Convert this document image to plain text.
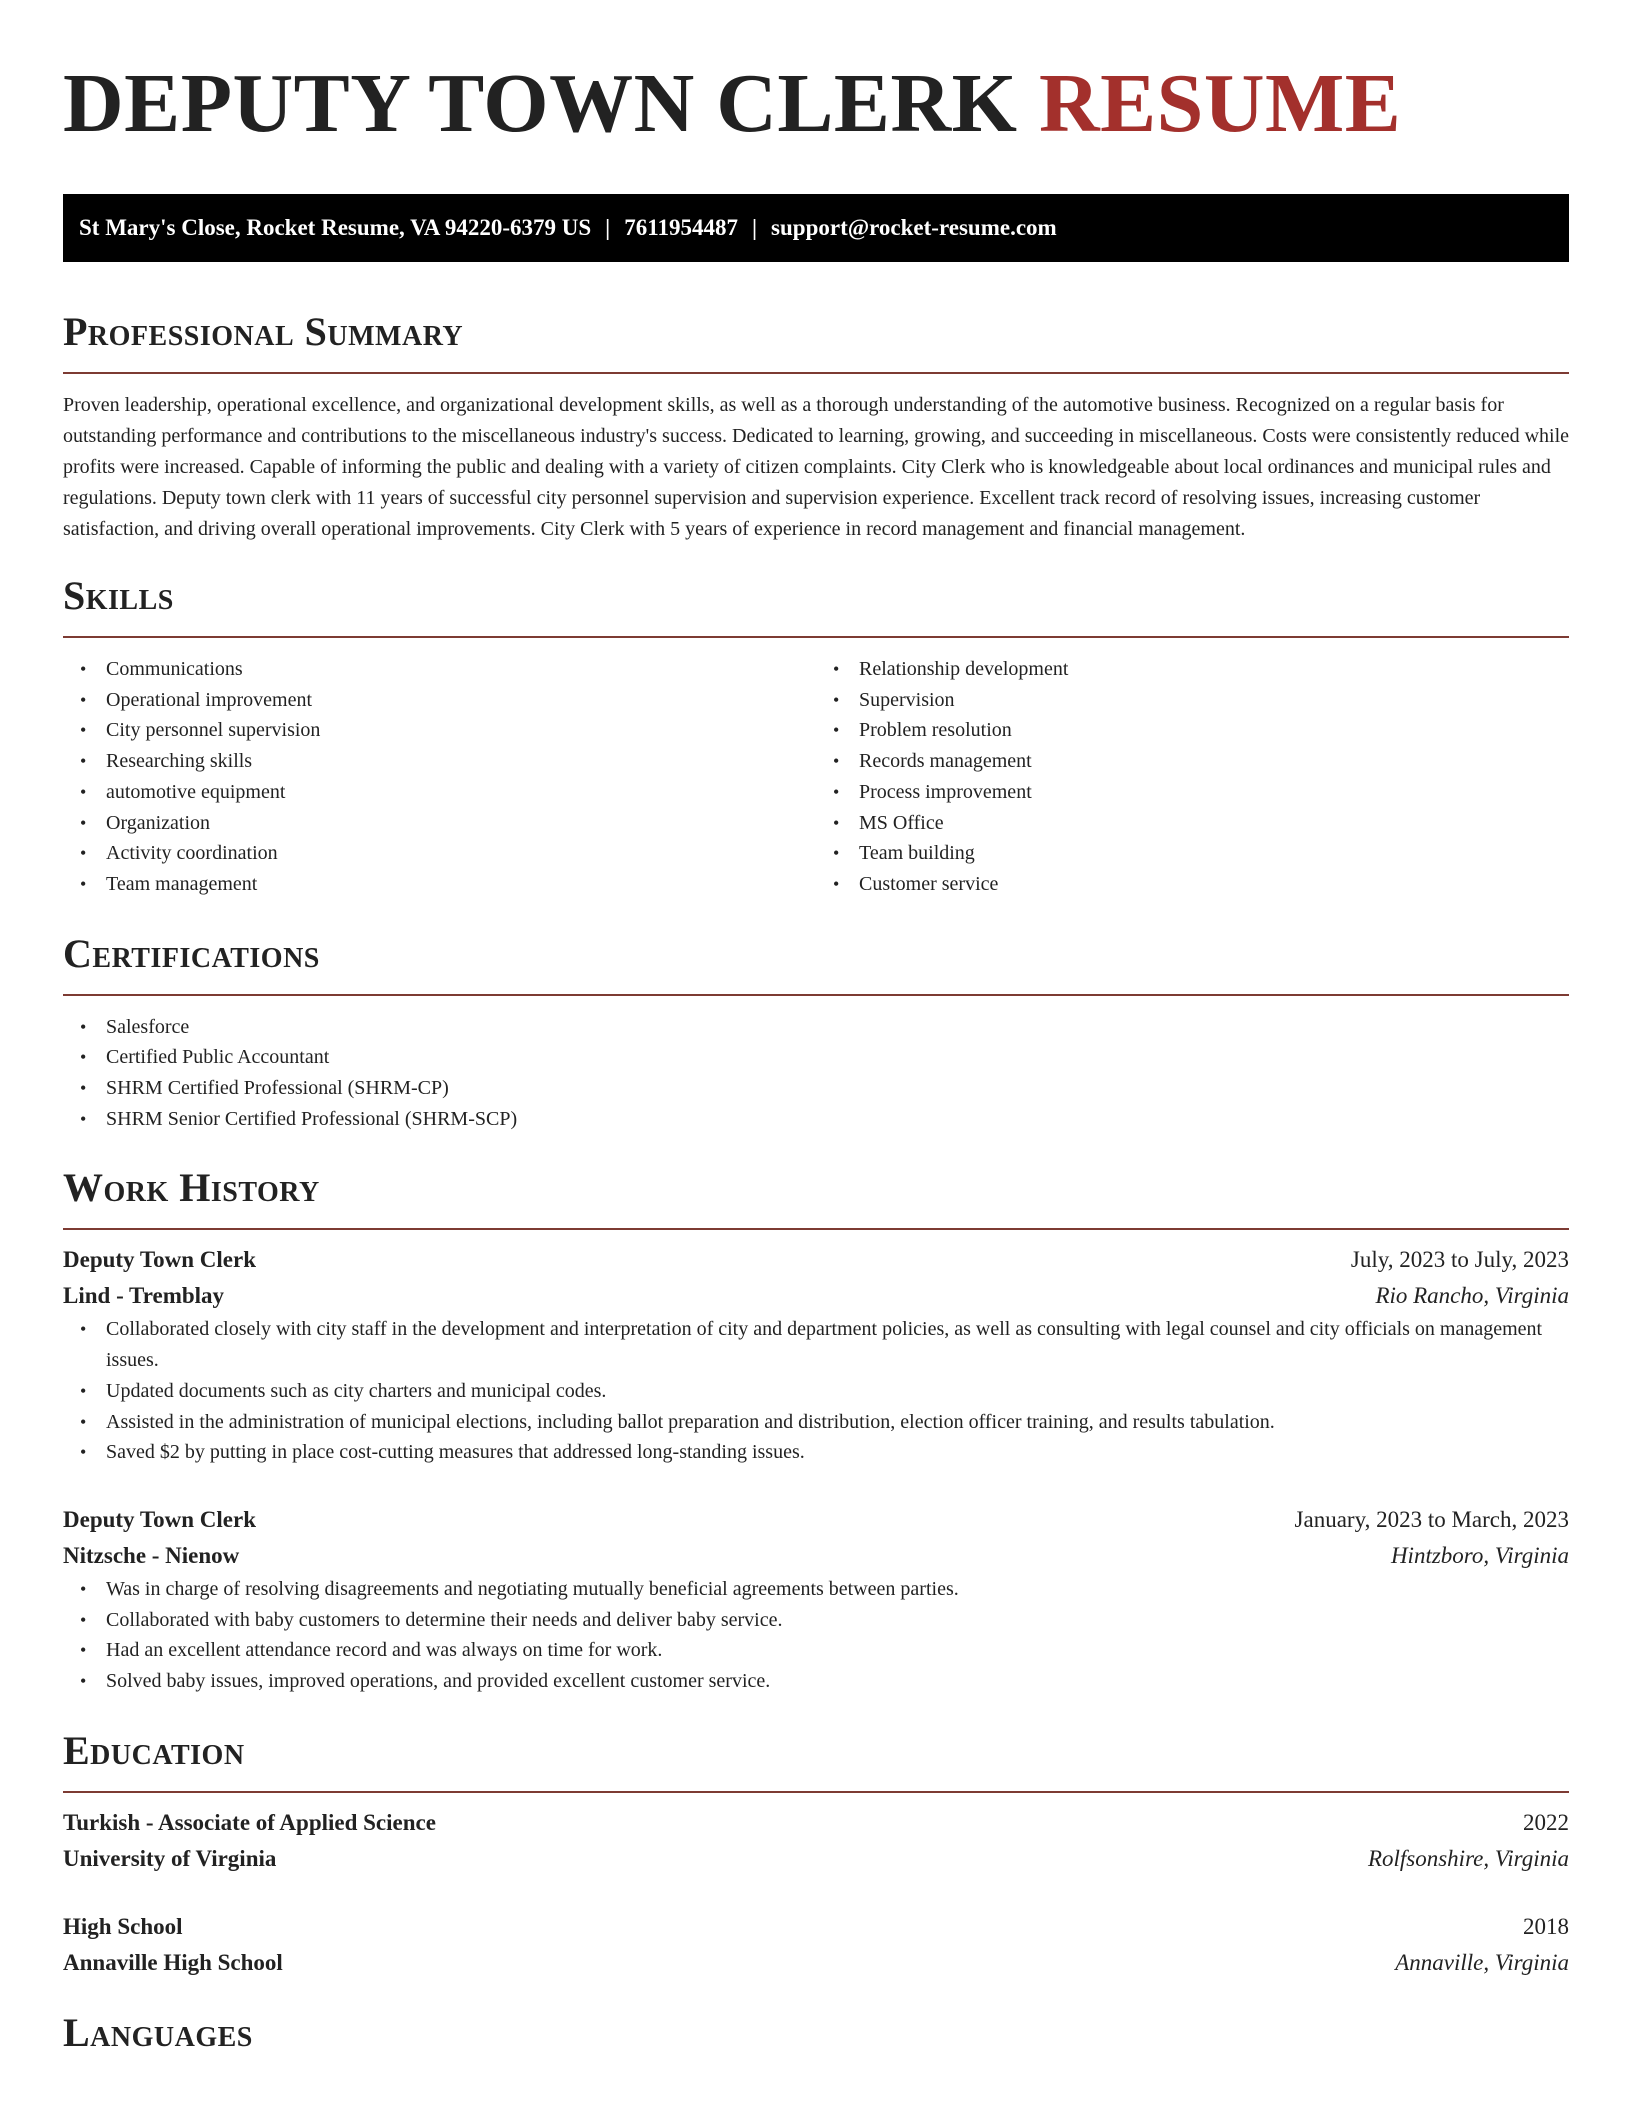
DEPUTY TOWN CLERK RESUME
St Mary's Close, Rocket Resume, VA 94220-6379 US | 7611954487 | support@rocket-resume.com
Professional Summary

Proven leadership, operational excellence, and organizational development skills, as well as a thorough understanding of the automotive business. Recognized on a regular basis for outstanding performance and contributions to the miscellaneous industry's success. Dedicated to learning, growing, and succeeding in miscellaneous. Costs were consistently reduced while profits were increased. Capable of informing the public and dealing with a variety of citizen complaints. City Clerk who is knowledgeable about local ordinances and municipal rules and regulations. Deputy town clerk with 11 years of successful city personnel supervision and supervision experience. Excellent track record of resolving issues, increasing customer satisfaction, and driving overall operational improvements. City Clerk with 5 years of experience in record management and financial management.

Skills
• Communications
• Operational improvement
• City personnel supervision
• Researching skills
• automotive equipment
• Organization
• Activity coordination
• Team management
• Relationship development
• Supervision
• Problem resolution
• Records management
• Process improvement
• MS Office
• Team building
• Customer service
Certifications
• Salesforce
• Certified Public Accountant
• SHRM Certified Professional (SHRM-CP)
• SHRM Senior Certified Professional (SHRM-SCP)
Work History
Deputy Town Clerk	July, 2023 to July, 2023
Lind - Tremblay	Rio Rancho, Virginia
• Collaborated closely with city staff in the development and interpretation of city and department policies, as well as consulting with legal counsel and city officials on management issues.
• Updated documents such as city charters and municipal codes.
• Assisted in the administration of municipal elections, including ballot preparation and distribution, election officer training, and results tabulation.
• Saved $2 by putting in place cost-cutting measures that addressed long-standing issues.
Deputy Town Clerk	January, 2023 to March, 2023
Nitzsche - Nienow	Hintzboro, Virginia
• Was in charge of resolving disagreements and negotiating mutually beneficial agreements between parties.
• Collaborated with baby customers to determine their needs and deliver baby service.
• Had an excellent attendance record and was always on time for work.
• Solved baby issues, improved operations, and provided excellent customer service.
Education
Turkish - Associate of Applied Science	2022
University of Virginia	Rolfsonshire, Virginia
High School	2018
Annaville High School	Annaville, Virginia
Languages
